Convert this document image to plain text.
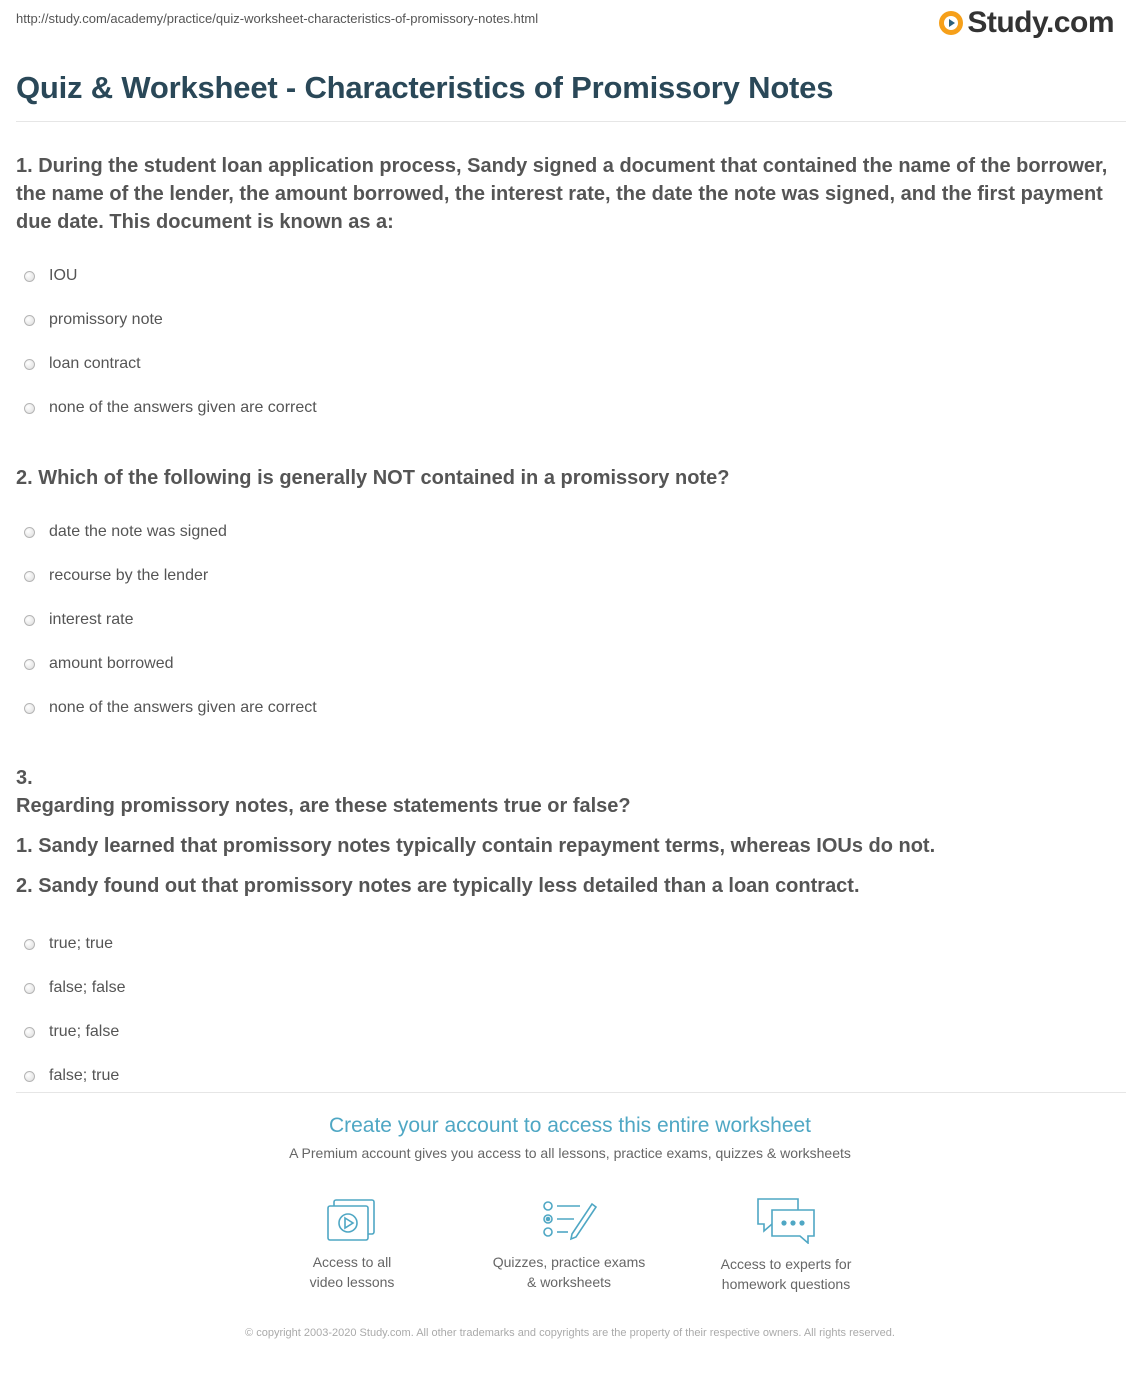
http://study.com/academy/practice/quiz-worksheet-characteristics-of-promissory-notes.html	Study.com
Quiz & Worksheet - Characteristics of Promissory Notes

1. During the student loan application process, Sandy signed a document that contained the name of the borrower, the name of the lender, the amount borrowed, the interest rate, the date the note was signed, and the first payment due date. This document is known as a:

IOU
promissory note
loan contract
none of the answers given are correct

2. Which of the following is generally NOT contained in a promissory note?

date the note was signed
recourse by the lender
interest rate
amount borrowed
none of the answers given are correct
3.
Regarding promissory notes, are these statements true or false?
1. Sandy learned that promissory notes typically contain repayment terms, whereas IOUs do not.
2. Sandy found out that promissory notes are typically less detailed than a loan contract.
true; true
false; false
true; false
false; true
Create your account to access this entire worksheet
A Premium account gives you access to all lessons, practice exams, quizzes & worksheets
Access to all
video lessons
Quizzes, practice exams
& worksheets
Access to experts for
homework questions
© copyright 2003-2020 Study.com. All other trademarks and copyrights are the property of their respective owners. All rights reserved.
